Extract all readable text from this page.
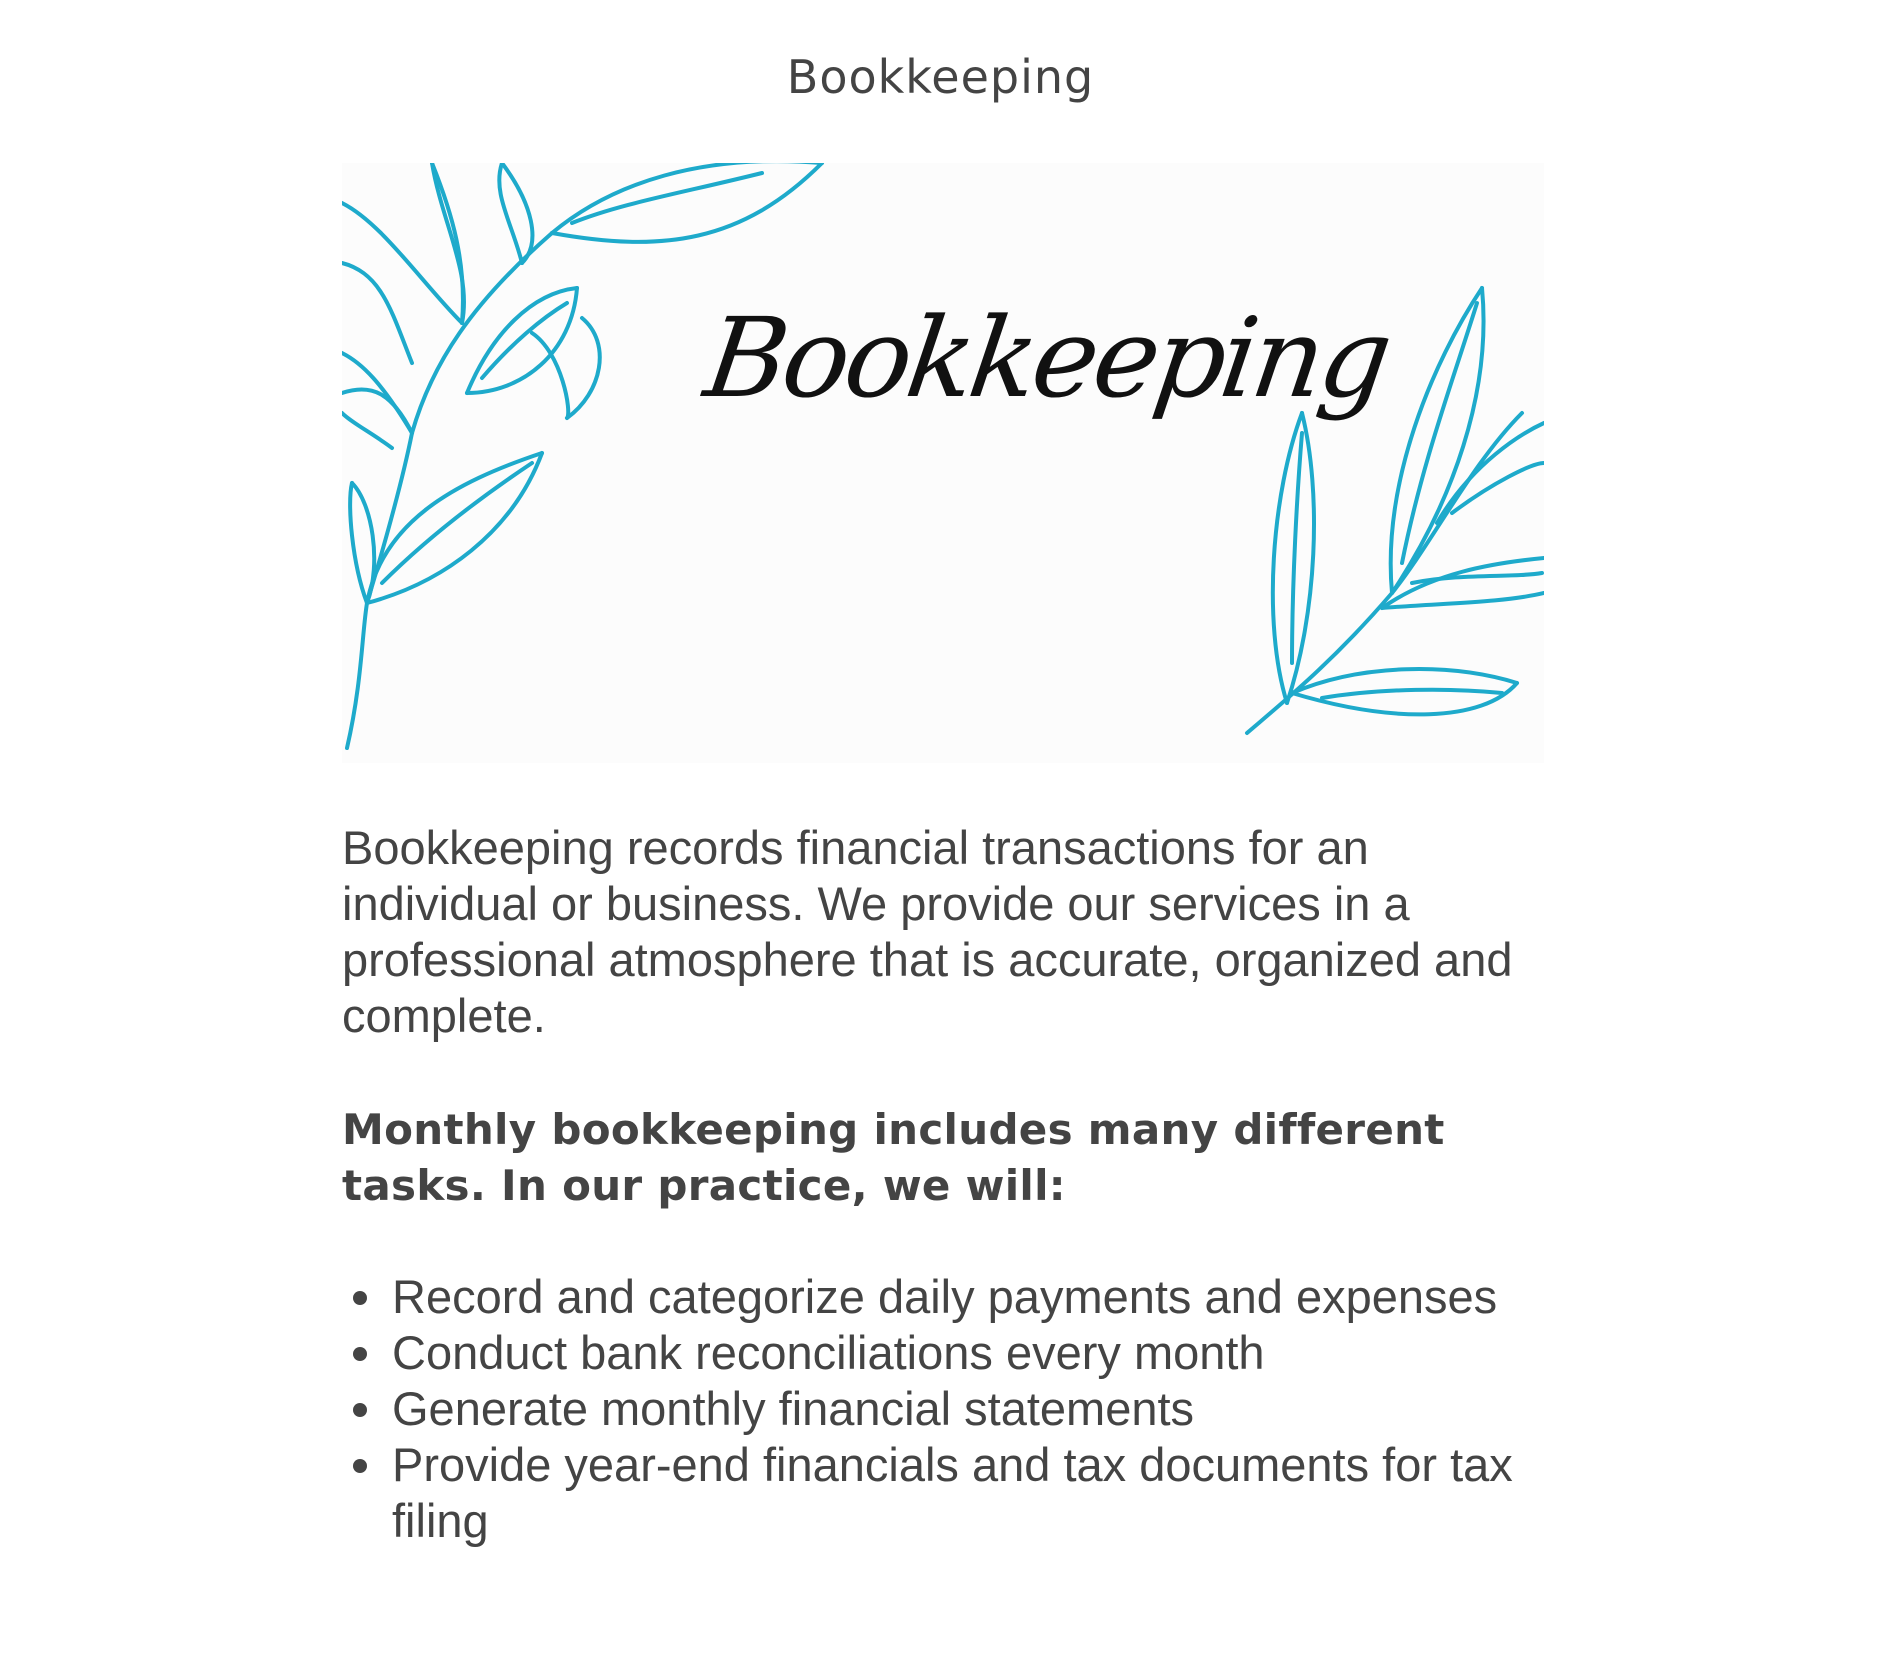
Bookkeeping
Bookkeeping

Bookkeeping records financial transactions for an individual or business. We provide our services in a professional atmosphere that is accurate, organized and complete.

Monthly bookkeeping includes many different tasks. In our practice, we will:

Record and categorize daily payments and expenses
Conduct bank reconciliations every month
Generate monthly financial statements
Provide year-end financials and tax documents for tax filing
